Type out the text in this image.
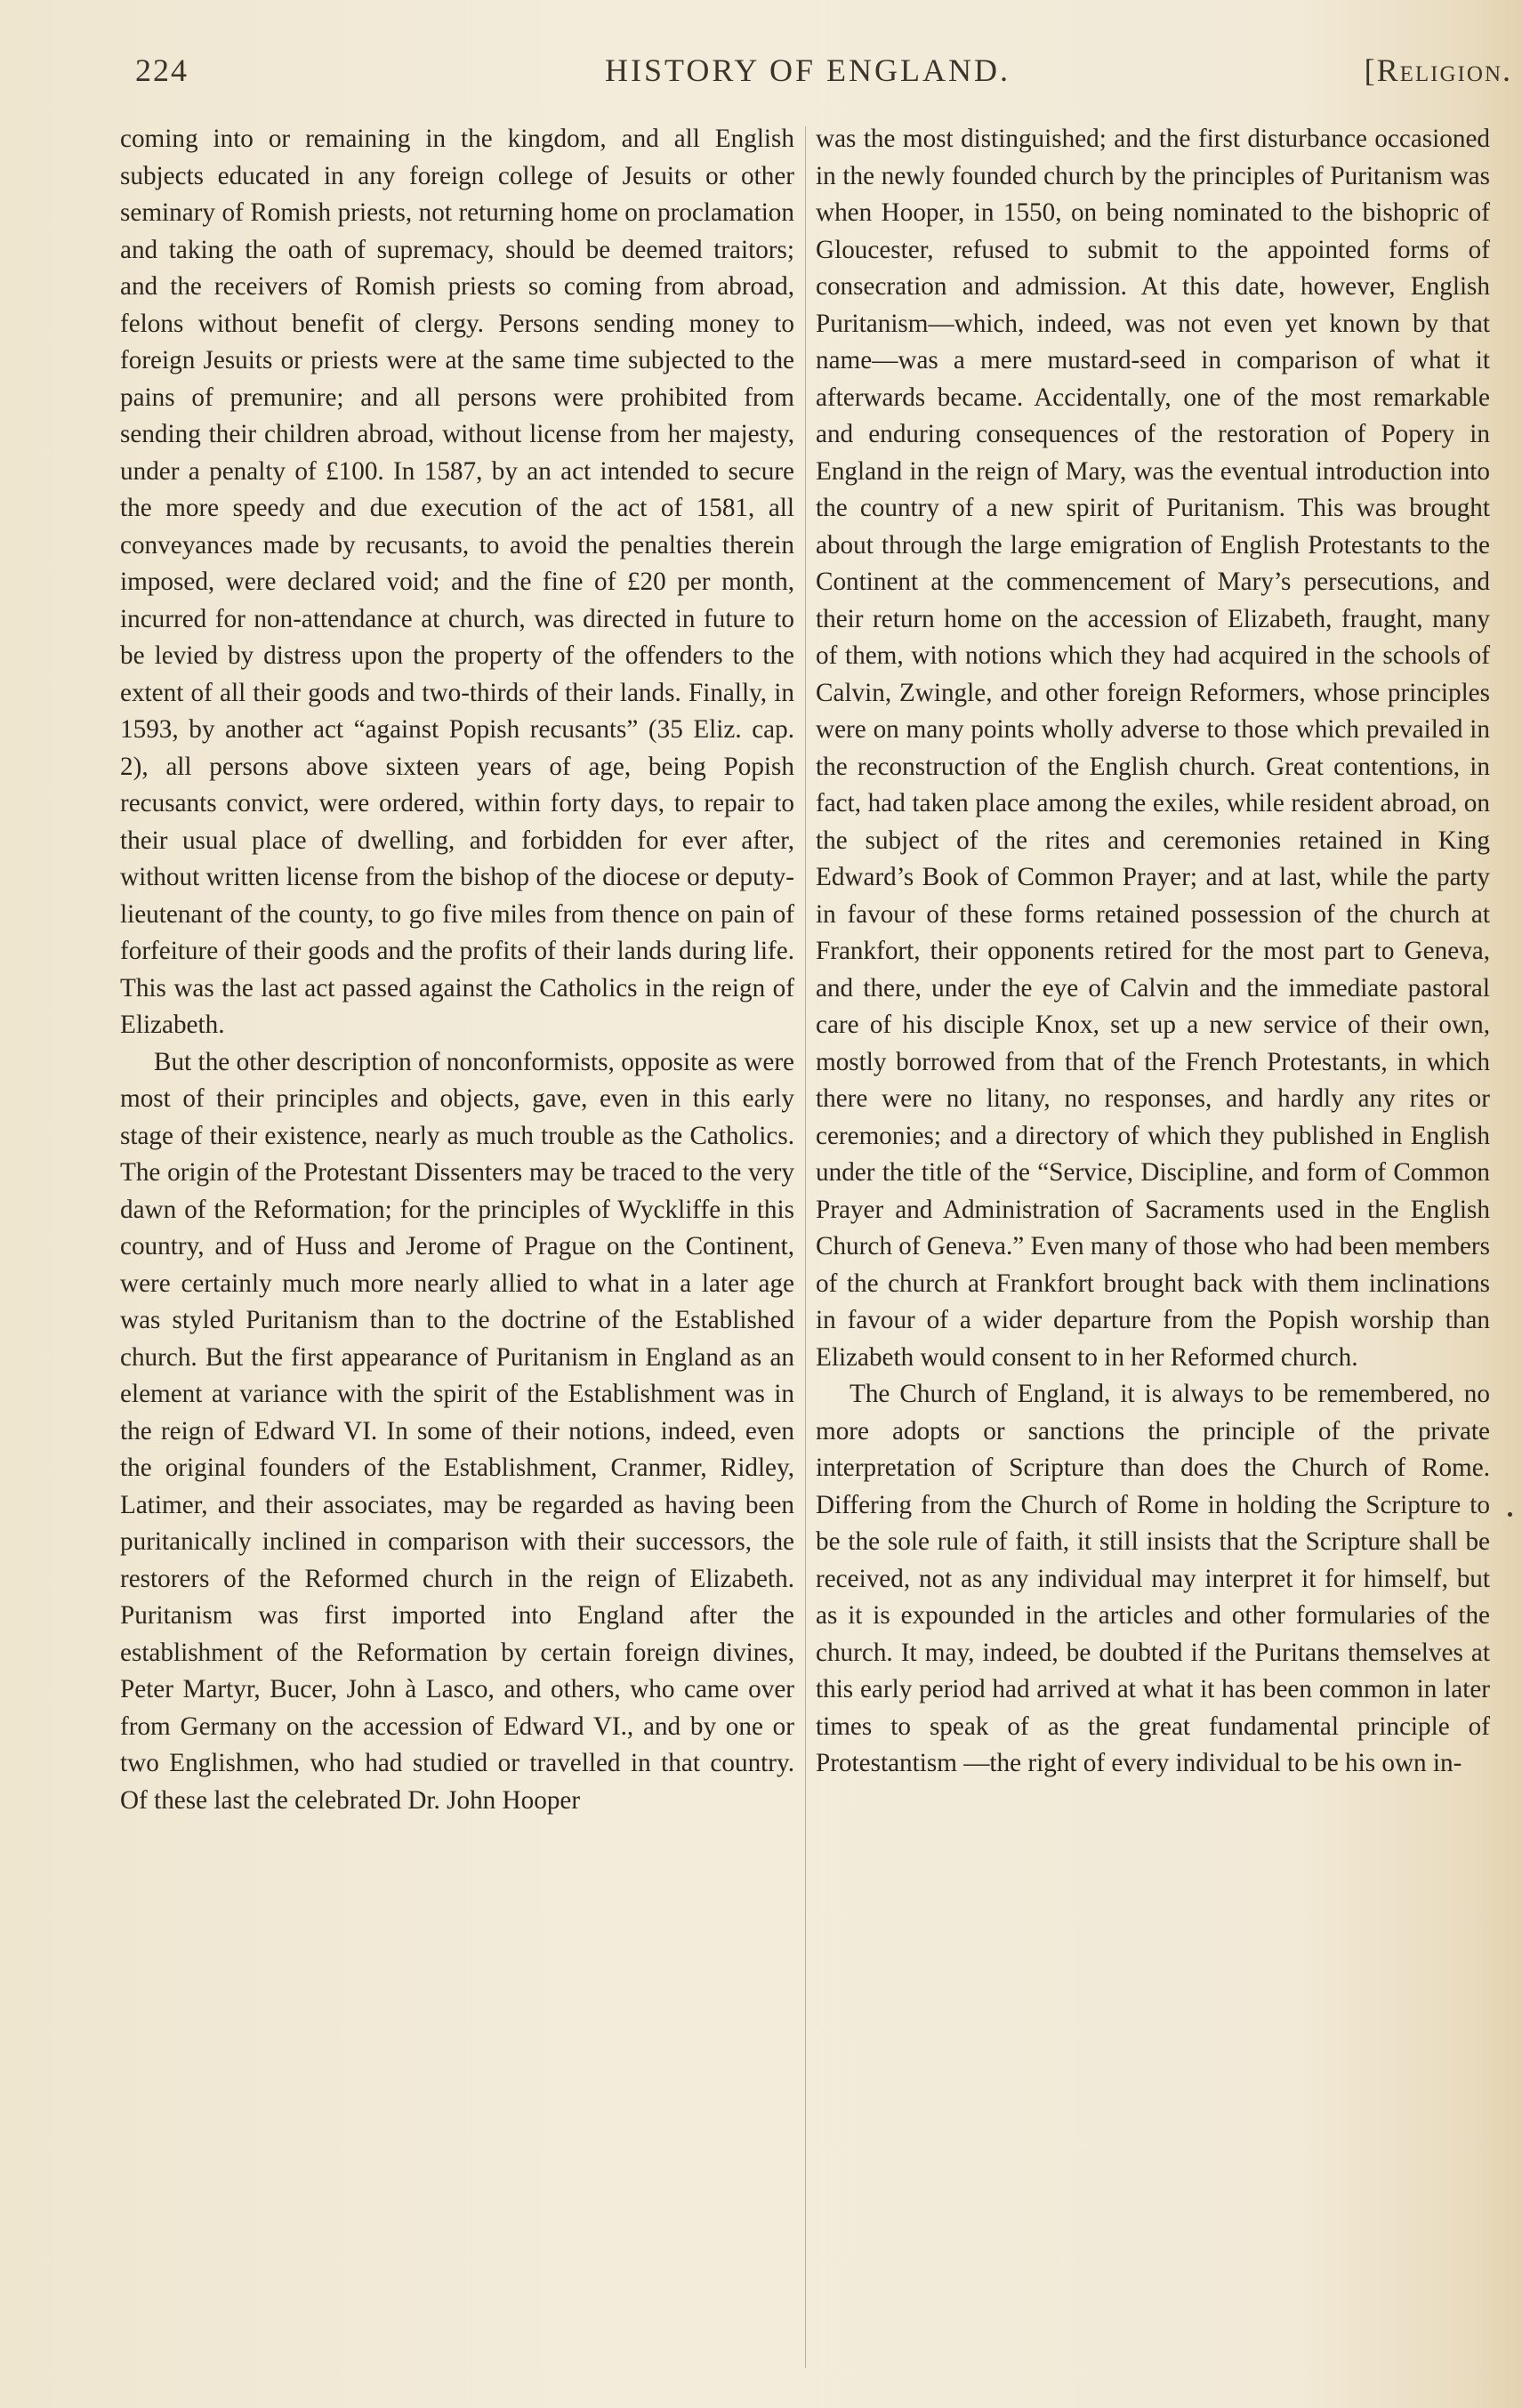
224	HISTORY OF ENGLAND.	[Religion.

coming into or remaining in the kingdom, and all English subjects educated in any foreign college of Jesuits or other seminary of Romish priests, not returning home on proclamation and taking the oath of supremacy, should be deemed traitors; and the receivers of Romish priests so coming from abroad, felons without benefit of clergy. Persons sending money to foreign Jesuits or priests were at the same time subjected to the pains of premunire; and all persons were prohibited from sending their children abroad, without license from her majesty, under a penalty of £100. In 1587, by an act intended to secure the more speedy and due execution of the act of 1581, all conveyances made by recusants, to avoid the penalties therein imposed, were declared void; and the fine of £20 per month, incurred for non-attendance at church, was directed in future to be levied by distress upon the property of the offenders to the extent of all their goods and two-thirds of their lands. Finally, in 1593, by another act “against Popish recusants” (35 Eliz. cap. 2), all persons above sixteen years of age, being Popish recusants convict, were ordered, within forty days, to repair to their usual place of dwelling, and forbidden for ever after, without written license from the bishop of the diocese or deputy-lieutenant of the county, to go five miles from thence on pain of forfeiture of their goods and the profits of their lands during life. This was the last act passed against the Catholics in the reign of Elizabeth.

But the other description of nonconformists, opposite as were most of their principles and objects, gave, even in this early stage of their existence, nearly as much trouble as the Catholics. The origin of the Protestant Dissenters may be traced to the very dawn of the Reformation; for the principles of Wyckliffe in this country, and of Huss and Jerome of Prague on the Continent, were certainly much more nearly allied to what in a later age was styled Puritanism than to the doctrine of the Established church. But the first appearance of Puritanism in England as an element at variance with the spirit of the Establishment was in the reign of Edward VI. In some of their notions, indeed, even the original founders of the Establishment, Cranmer, Ridley, Latimer, and their associates, may be regarded as having been puritanically inclined in comparison with their successors, the restorers of the Reformed church in the reign of Elizabeth. Puritanism was first imported into England after the establishment of the Reformation by certain foreign divines, Peter Martyr, Bucer, John à Lasco, and others, who came over from Germany on the accession of Edward VI., and by one or two Englishmen, who had studied or travelled in that country. Of these last the celebrated Dr. John Hooper

was the most distinguished; and the first disturbance occasioned in the newly founded church by the principles of Puritanism was when Hooper, in 1550, on being nominated to the bishopric of Gloucester, refused to submit to the appointed forms of consecration and admission. At this date, however, English Puritanism—which, indeed, was not even yet known by that name—was a mere mustard-seed in comparison of what it afterwards became. Accidentally, one of the most remarkable and enduring consequences of the restoration of Popery in England in the reign of Mary, was the eventual introduction into the country of a new spirit of Puritanism. This was brought about through the large emigration of English Protestants to the Continent at the commencement of Mary’s persecutions, and their return home on the accession of Elizabeth, fraught, many of them, with notions which they had acquired in the schools of Calvin, Zwingle, and other foreign Reformers, whose principles were on many points wholly adverse to those which prevailed in the reconstruction of the English church. Great contentions, in fact, had taken place among the exiles, while resident abroad, on the subject of the rites and ceremonies retained in King Edward’s Book of Common Prayer; and at last, while the party in favour of these forms retained possession of the church at Frankfort, their opponents retired for the most part to Geneva, and there, under the eye of Calvin and the immediate pastoral care of his disciple Knox, set up a new service of their own, mostly borrowed from that of the French Protestants, in which there were no litany, no responses, and hardly any rites or ceremonies; and a directory of which they published in English under the title of the “Service, Discipline, and form of Common Prayer and Administration of Sacraments used in the English Church of Geneva.” Even many of those who had been members of the church at Frankfort brought back with them inclinations in favour of a wider departure from the Popish worship than Elizabeth would consent to in her Reformed church.

The Church of England, it is always to be remembered, no more adopts or sanctions the principle of the private interpretation of Scripture than does the Church of Rome. Differing from the Church of Rome in holding the Scripture to be the sole rule of faith, it still insists that the Scripture shall be received, not as any individual may interpret it for himself, but as it is expounded in the articles and other formularies of the church. It may, indeed, be doubted if the Puritans themselves at this early period had arrived at what it has been common in later times to speak of as the great fundamental principle of Protestantism —the right of every individual to be his own in-
